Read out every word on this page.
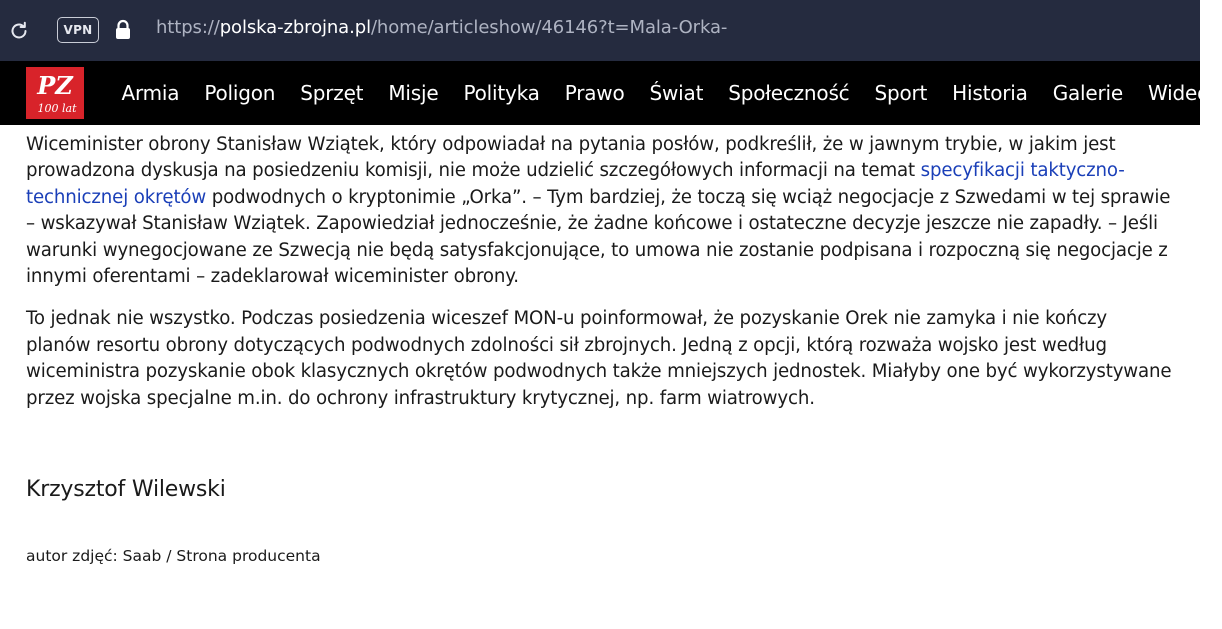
VPN	https://polska-zbrojna.pl/home/articleshow/46146?t=Mala-Orka-
PZ
100 lat
Armia	Poligon	Sprzęt	Misje	Polityka	Prawo	Świat	Społeczność	Sport	Historia	Galerie	Wideo

Wiceminister obrony Stanisław Wziątek, który odpowiadał na pytania posłów, podkreślił, że w jawnym trybie, w jakim jest prowadzona dyskusja na posiedzeniu komisji, nie może udzielić szczegółowych informacji na temat specyfikacji taktyczno-technicznej okrętów podwodnych o kryptonimie „Orka”. – Tym bardziej, że toczą się wciąż negocjacje z Szwedami w tej sprawie – wskazywał Stanisław Wziątek. Zapowiedział jednocześnie, że żadne końcowe i ostateczne decyzje jeszcze nie zapadły. – Jeśli warunki wynegocjowane ze Szwecją nie będą satysfakcjonujące, to umowa nie zostanie podpisana i rozpoczną się negocjacje z innymi oferentami – zadeklarował wiceminister obrony.

To jednak nie wszystko. Podczas posiedzenia wiceszef MON-u poinformował, że pozyskanie Orek nie zamyka i nie kończy planów resortu obrony dotyczących podwodnych zdolności sił zbrojnych. Jedną z opcji, którą rozważa wojsko jest według wiceministra pozyskanie obok klasycznych okrętów podwodnych także mniejszych jednostek. Miałyby one być wykorzystywane przez wojska specjalne m.in. do ochrony infrastruktury krytycznej, np. farm wiatrowych.

Krzysztof Wilewski
autor zdjęć: Saab / Strona producenta
